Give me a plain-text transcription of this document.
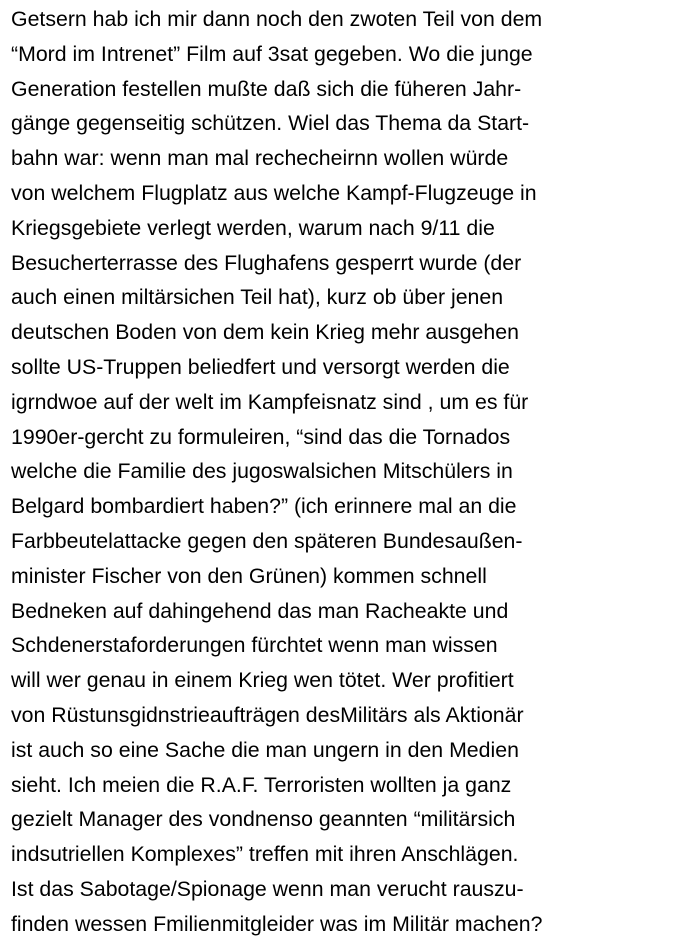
Getsern hab ich mir dann noch den zwoten Teil von dem
“Mord im Intrenet” Film auf 3sat gegeben. Wo die junge
Generation festellen mußte daß sich die füheren Jahr-
gänge gegenseitig schützen. Wiel das Thema da Start-
bahn war: wenn man mal rechecheirnn wollen würde
von welchem Flugplatz aus welche Kampf-Flugzeuge in
Kriegsgebiete verlegt werden, warum nach 9/11 die
Besucherterrasse des Flughafens gesperrt wurde (der
auch einen miltärsichen Teil hat), kurz ob über jenen
deutschen Boden von dem kein Krieg mehr ausgehen
sollte US-Truppen beliedfert und versorgt werden die
igrndwoe auf der welt im Kampfeisnatz sind , um es für
1990er-gercht zu formuleiren, “sind das die Tornados
welche die Familie des jugoswalsichen Mitschülers in
Belgard bombardiert haben?” (ich erinnere mal an die
Farbbeutelattacke gegen den späteren Bundesaußen-
minister Fischer von den Grünen) kommen schnell
Bedneken auf dahingehend das man Racheakte und
Schdenerstaforderungen fürchtet wenn man wissen
will wer genau in einem Krieg wen tötet. Wer profitiert
von Rüstunsgidnstrieaufträgen desMilitärs als Aktionär
ist auch so eine Sache die man ungern in den Medien
sieht. Ich meien die R.A.F. Terroristen wollten ja ganz
gezielt Manager des vondnenso geannten “militärsich
indsutriellen Komplexes” treffen mit ihren Anschlägen.
Ist das Sabotage/Spionage wenn man verucht rauszu-
finden wessen Fmilienmitgleider was im Militär machen?
